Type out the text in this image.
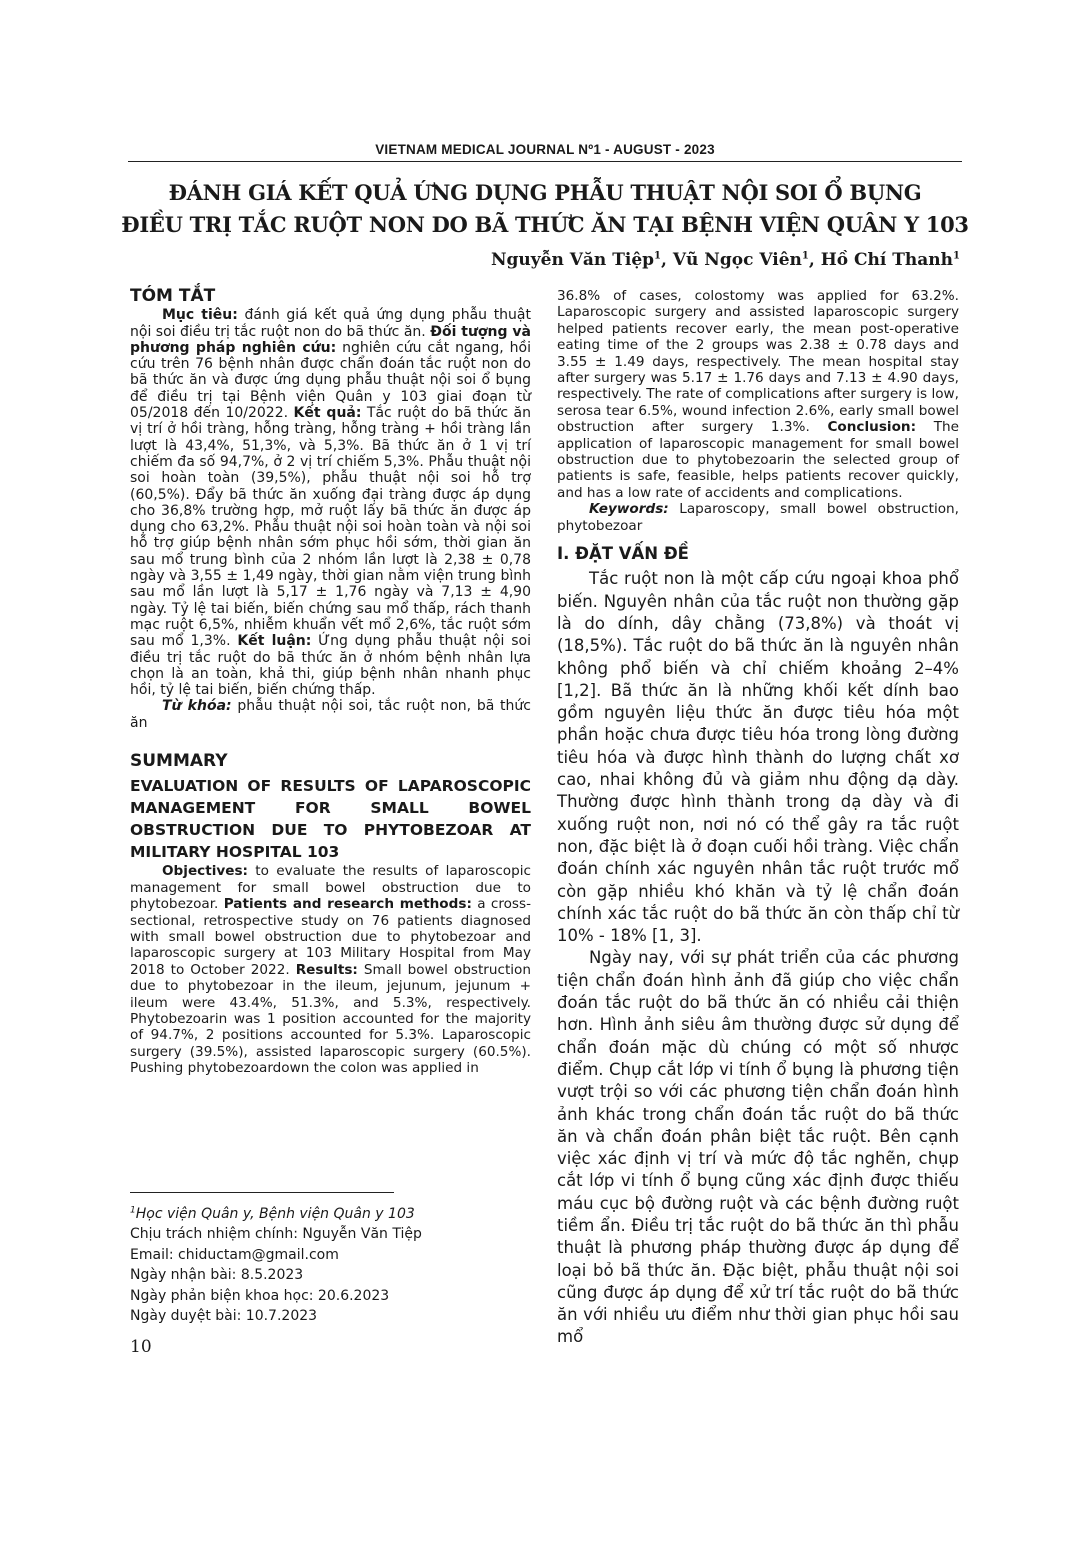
VIETNAM MEDICAL JOURNAL Nº1 - AUGUST - 2023
ĐÁNH GIÁ KẾT QUẢ ỨNG DỤNG PHẪU THUẬT NỘI SOI Ổ BỤNG
ĐIỀU TRỊ TẮC RUỘT NON DO BÃ THỨC ĂN TẠI BỆNH VIỆN QUÂN Y 103
Nguyễn Văn Tiệp$^1$, Vũ Ngọc Viên$^1$, Hồ Chí Thanh$^1$
TÓM TẮT

Mục tiêu: đánh giá kết quả ứng dụng phẫu thuật nội soi điều trị tắc ruột non do bã thức ăn. Đối tượng và phương pháp nghiên cứu: nghiên cứu cắt ngang, hồi cứu trên 76 bệnh nhân được chẩn đoán tắc ruột non do bã thức ăn và được ứng dụng phẫu thuật nội soi ổ bụng để điều trị tại Bệnh viện Quân y 103 giai đoạn từ 05/2018 đến 10/2022. Kết quả: Tắc ruột do bã thức ăn vị trí ở hồi tràng, hỗng tràng, hỗng tràng + hồi tràng lần lượt là 43,4%, 51,3%, và 5,3%. Bã thức ăn ở 1 vị trí chiếm đa số 94,7%, ở 2 vị trí chiếm 5,3%. Phẫu thuật nội soi hoàn toàn (39,5%), phẫu thuật nội soi hỗ trợ (60,5%). Đẩy bã thức ăn xuống đại tràng được áp dụng cho 36,8% trường hợp, mở ruột lấy bã thức ăn được áp dụng cho 63,2%. Phẫu thuật nội soi hoàn toàn và nội soi hỗ trợ giúp bệnh nhân sớm phục hồi sớm, thời gian ăn sau mổ trung bình của 2 nhóm lần lượt là 2,38 ± 0,78 ngày và 3,55 ± 1,49 ngày, thời gian nằm viện trung bình sau mổ lần lượt là 5,17 ± 1,76 ngày và 7,13 ± 4,90 ngày. Tỷ lệ tai biến, biến chứng sau mổ thấp, rách thanh mạc ruột 6,5%, nhiễm khuẩn vết mổ 2,6%, tắc ruột sớm sau mổ 1,3%. Kết luận: Ứng dụng phẫu thuật nội soi điều trị tắc ruột do bã thức ăn ở nhóm bệnh nhân lựa chọn là an toàn, khả thi, giúp bệnh nhân nhanh phục hồi, tỷ lệ tai biến, biến chứng thấp.

Từ khóa: phẫu thuật nội soi, tắc ruột non, bã thức ăn

SUMMARY

EVALUATION OF RESULTS OF LAPAROSCOPIC MANAGEMENT FOR SMALL BOWEL OBSTRUCTION DUE TO PHYTOBEZOAR AT MILITARY HOSPITAL 103

Objectives: to evaluate the results of laparoscopic management for small bowel obstruction due to phytobezoar. Patients and research methods: a cross-sectional, retrospective study on 76 patients diagnosed with small bowel obstruction due to phytobezoar and laparoscopic surgery at 103 Military Hospital from May 2018 to October 2022. Results: Small bowel obstruction due to phytobezoar in the ileum, jejunum, jejunum + ileum were 43.4%, 51.3%, and 5.3%, respectively. Phytobezoarin was 1 position accounted for the majority of 94.7%, 2 positions accounted for 5.3%. Laparoscopic surgery (39.5%), assisted laparoscopic surgery (60.5%). Pushing phytobezoardown the colon was applied in

$^1$Học viện Quân y, Bệnh viện Quân y 103
Chịu trách nhiệm chính: Nguyễn Văn Tiệp
Email: chiductam@gmail.com
Ngày nhận bài: 8.5.2023
Ngày phản biện khoa học: 20.6.2023
Ngày duyệt bài: 10.7.2023
10

36.8% of cases, colostomy was applied for 63.2%. Laparoscopic surgery and assisted laparoscopic surgery helped patients recover early, the mean post-operative eating time of the 2 groups was 2.38 ± 0.78 days and 3.55 ± 1.49 days, respectively. The mean hospital stay after surgery was 5.17 ± 1.76 days and 7.13 ± 4.90 days, respectively. The rate of complications after surgery is low, serosa tear 6.5%, wound infection 2.6%, early small bowel obstruction after surgery 1.3%. Conclusion: The application of laparoscopic management for small bowel obstruction due to phytobezoarin the selected group of patients is safe, feasible, helps patients recover quickly, and has a low rate of accidents and complications.

Keywords: Laparoscopy, small bowel obstruction, phytobezoar

I. ĐẶT VẤN ĐỀ

Tắc ruột non là một cấp cứu ngoại khoa phổ biến. Nguyên nhân của tắc ruột non thường gặp là do dính, dây chằng (73,8%) và thoát vị (18,5%). Tắc ruột do bã thức ăn là nguyên nhân không phổ biến và chỉ chiếm khoảng 2–4% [1,2]. Bã thức ăn là những khối kết dính bao gồm nguyên liệu thức ăn được tiêu hóa một phần hoặc chưa được tiêu hóa trong lòng đường tiêu hóa và được hình thành do lượng chất xơ cao, nhai không đủ và giảm nhu động dạ dày. Thường được hình thành trong dạ dày và đi xuống ruột non, nơi nó có thể gây ra tắc ruột non, đặc biệt là ở đoạn cuối hồi tràng. Việc chẩn đoán chính xác nguyên nhân tắc ruột trước mổ còn gặp nhiều khó khăn và tỷ lệ chẩn đoán chính xác tắc ruột do bã thức ăn còn thấp chỉ từ 10% - 18% [1, 3].

Ngày nay, với sự phát triển của các phương tiện chẩn đoán hình ảnh đã giúp cho việc chẩn đoán tắc ruột do bã thức ăn có nhiều cải thiện hơn. Hình ảnh siêu âm thường được sử dụng để chẩn đoán mặc dù chúng có một số nhược điểm. Chụp cắt lớp vi tính ổ bụng là phương tiện vượt trội so với các phương tiện chẩn đoán hình ảnh khác trong chẩn đoán tắc ruột do bã thức ăn và chẩn đoán phân biệt tắc ruột. Bên cạnh việc xác định vị trí và mức độ tắc nghẽn, chụp cắt lớp vi tính ổ bụng cũng xác định được thiếu máu cục bộ đường ruột và các bệnh đường ruột tiềm ẩn. Điều trị tắc ruột do bã thức ăn thì phẫu thuật là phương pháp thường được áp dụng để loại bỏ bã thức ăn. Đặc biệt, phẫu thuật nội soi cũng được áp dụng để xử trí tắc ruột do bã thức ăn với nhiều ưu điểm như thời gian phục hồi sau mổ
